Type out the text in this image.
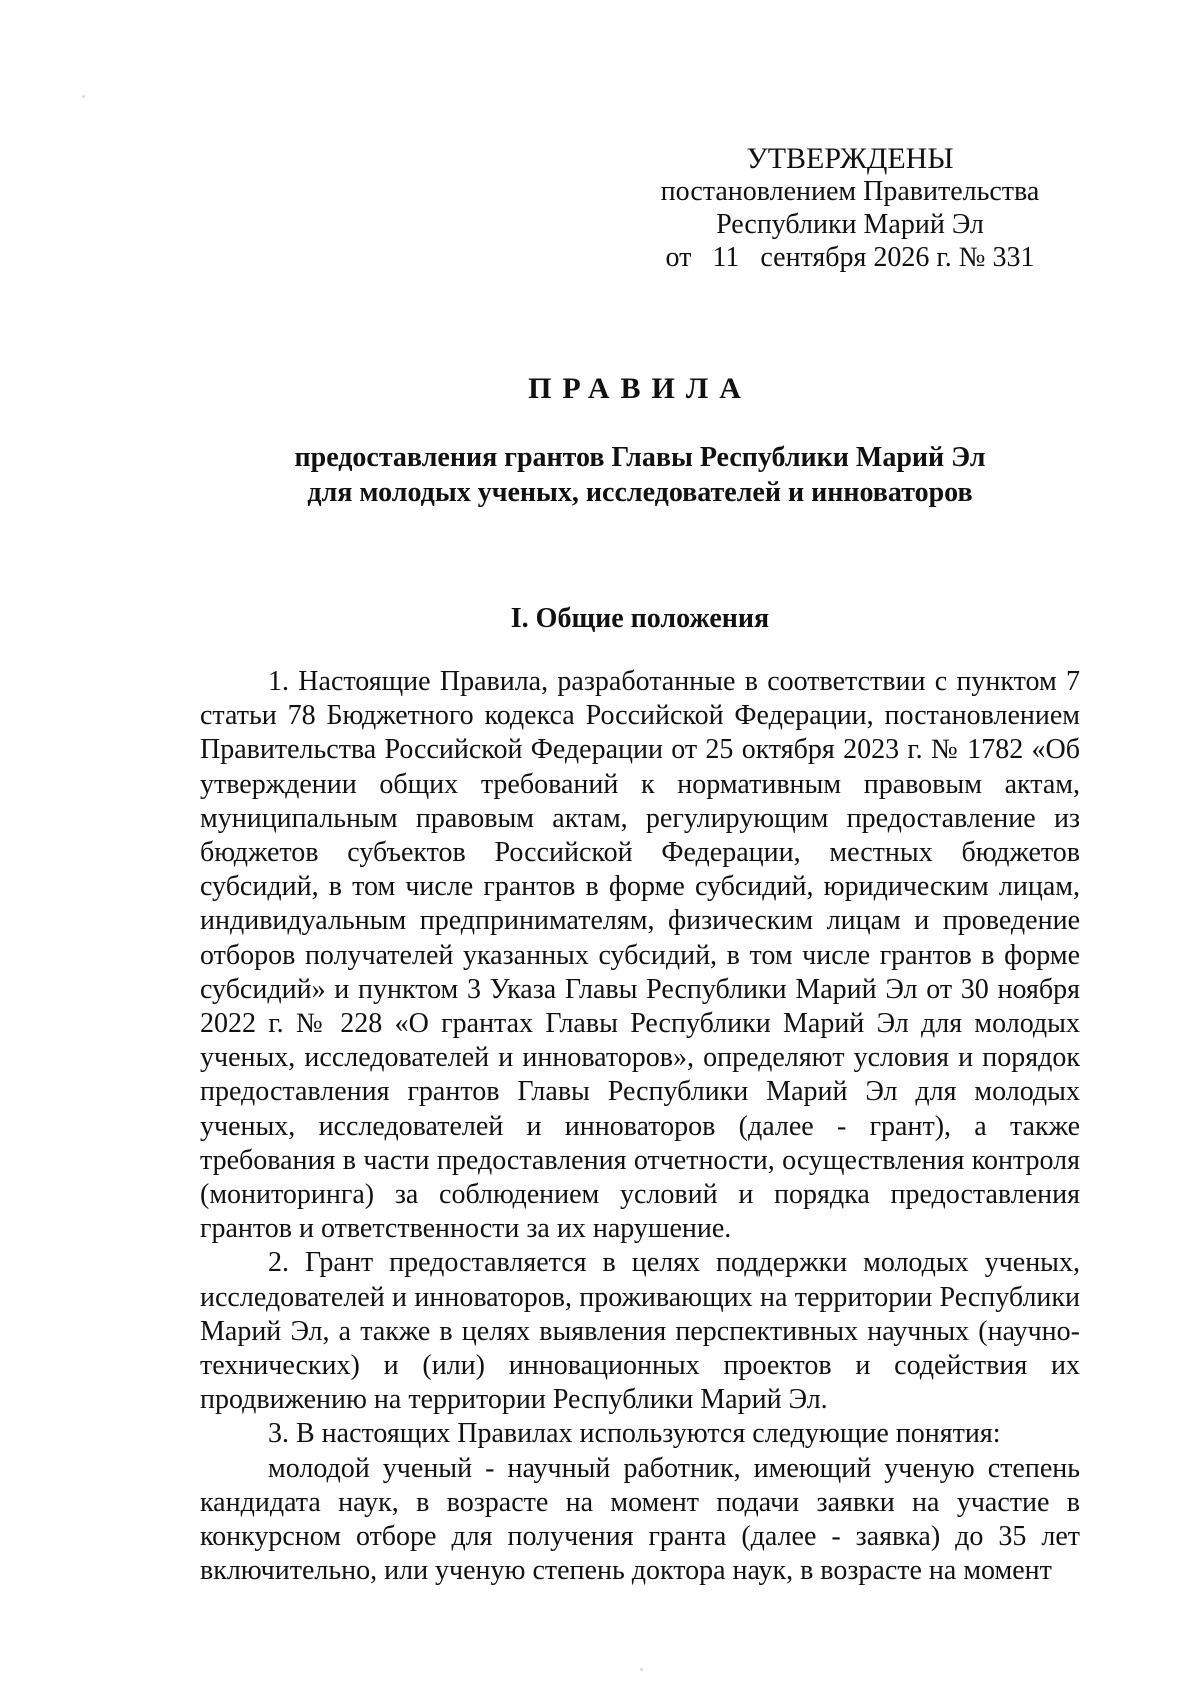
УТВЕРЖДЕНЫ
постановлением Правительства
Республики Марий Эл
от 11 сентября 2026 г. № 331
ПРАВИЛА
предоставления грантов Главы Республики Марий Эл
для молодых ученых, исследователей и инноваторов
I. Общие положения

1. Настоящие Правила, разработанные в соответствии с пунктом 7 статьи 78 Бюджетного кодекса Российской Федерации, постановлением Правительства Российской Федерации от 25 октября 2023 г. № 1782 «Об утверждении общих требований к нормативным правовым актам, муниципальным правовым актам, регулирующим предоставление из бюджетов субъектов Российской Федерации, местных бюджетов субсидий, в том числе грантов в форме субсидий, юридическим лицам, индивидуальным предпринимателям, физическим лицам и проведение отборов получателей указанных субсидий, в том числе грантов в форме субсидий» и пунктом 3 Указа Главы Республики Марий Эл от 30 ноября 2022 г. № 228 «О грантах Главы Республики Марий Эл для молодых ученых, исследователей и инноваторов», определяют условия и порядок предоставления грантов Главы Республики Марий Эл для молодых ученых, исследователей и инноваторов (далее - грант), а также требования в части предоставления отчетности, осуществления контроля (мониторинга) за соблюдением условий и порядка предоставления грантов и ответственности за их нарушение.

2. Грант предоставляется в целях поддержки молодых ученых, исследователей и инноваторов, проживающих на территории Республики Марий Эл, а также в целях выявления перспективных научных (научно-технических) и (или) инновационных проектов и содействия их продвижению на территории Республики Марий Эл.

3. В настоящих Правилах используются следующие понятия:

молодой ученый - научный работник, имеющий ученую степень кандидата наук, в возрасте на момент подачи заявки на участие в конкурсном отборе для получения гранта (далее - заявка) до 35 лет включительно, или ученую степень доктора наук, в возрасте на момент
